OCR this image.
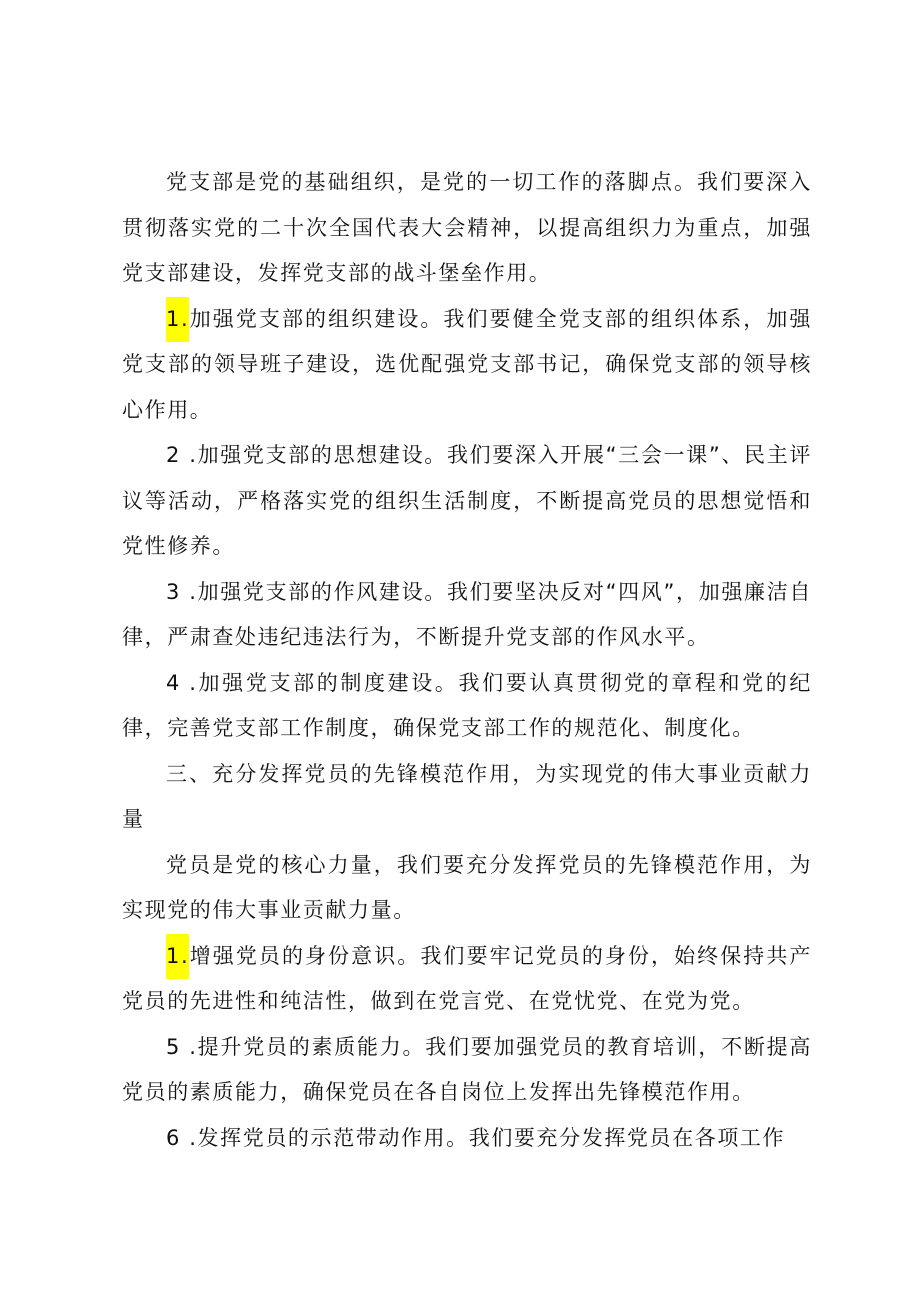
党支部是党的基础组织，是党的一切工作的落脚点。我们要深入贯彻落实党的二十次全国代表大会精神，以提高组织力为重点，加强党支部建设，发挥党支部的战斗堡垒作用。

1.加强党支部的组织建设。我们要健全党支部的组织体系，加强党支部的领导班子建设，选优配强党支部书记，确保党支部的领导核心作用。

2 .加强党支部的思想建设。我们要深入开展“三会一课”、民主评议等活动，严格落实党的组织生活制度，不断提高党员的思想觉悟和党性修养。

3 .加强党支部的作风建设。我们要坚决反对“四风”，加强廉洁自律，严肃查处违纪违法行为，不断提升党支部的作风水平。

4 .加强党支部的制度建设。我们要认真贯彻党的章程和党的纪律，完善党支部工作制度，确保党支部工作的规范化、制度化。

三、充分发挥党员的先锋模范作用，为实现党的伟大事业贡献力量

党员是党的核心力量，我们要充分发挥党员的先锋模范作用，为实现党的伟大事业贡献力量。

1.增强党员的身份意识。我们要牢记党员的身份，始终保持共产党员的先进性和纯洁性，做到在党言党、在党忧党、在党为党。

5 .提升党员的素质能力。我们要加强党员的教育培训，不断提高党员的素质能力，确保党员在各自岗位上发挥出先锋模范作用。

6 .发挥党员的示范带动作用。我们要充分发挥党员在各项工作
